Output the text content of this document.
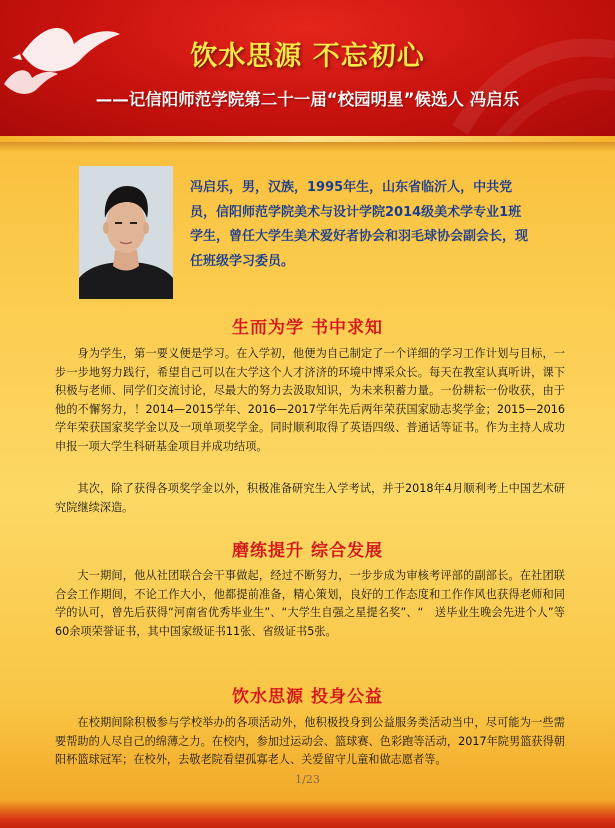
饮水思源 不忘初心
——记信阳师范学院第二十一届“校园明星”候选人 冯启乐
冯启乐，男，汉族，1995年生，山东省临沂人，中共党员，信阳师范学院美术与设计学院2014级美术学专业1班学生，曾任大学生美术爱好者协会和羽毛球协会副会长，现任班级学习委员。
生而为学 书中求知
身为学生，第一要义便是学习。在入学初，他便为自己制定了一个详细的学习工作计划与目标，一步一步地努力践行，希望自己可以在大学这个人才济济的环境中博采众长。每天在教室认真听讲，课下积极与老师、同学们交流讨论，尽最大的努力去汲取知识，为未来积蓄力量。一份耕耘一份收获，由于他的不懈努力，！2014—2015学年、2016—2017学年先后两年荣获国家励志奖学金；2015—2016学年荣获国家奖学金以及一项单项奖学金。同时顺利取得了英语四级、普通话等证书。作为主持人成功申报一项大学生科研基金项目并成功结项。
其次，除了获得各项奖学金以外，积极准备研究生入学考试，并于2018年4月顺利考上中国艺术研究院继续深造。
磨练提升 综合发展
大一期间，他从社团联合会干事做起，经过不断努力，一步步成为审核考评部的副部长。在社团联合会工作期间，不论工作大小，他都提前准备，精心策划，良好的工作态度和工作作风也获得老师和同学的认可，曾先后获得“河南省优秀毕业生”、“大学生自强之星提名奖”、“　送毕业生晚会先进个人”等60余项荣誉证书，其中国家级证书11张、省级证书5张。
饮水思源 投身公益
在校期间除积极参与学校举办的各项活动外，他积极投身到公益服务类活动当中，尽可能为一些需要帮助的人尽自己的绵薄之力。在校内，参加过运动会、篮球赛、色彩跑等活动，2017年院男篮获得朝阳杯篮球冠军；在校外，去敬老院看望孤寡老人、关爱留守儿童和做志愿者等。
1/23
